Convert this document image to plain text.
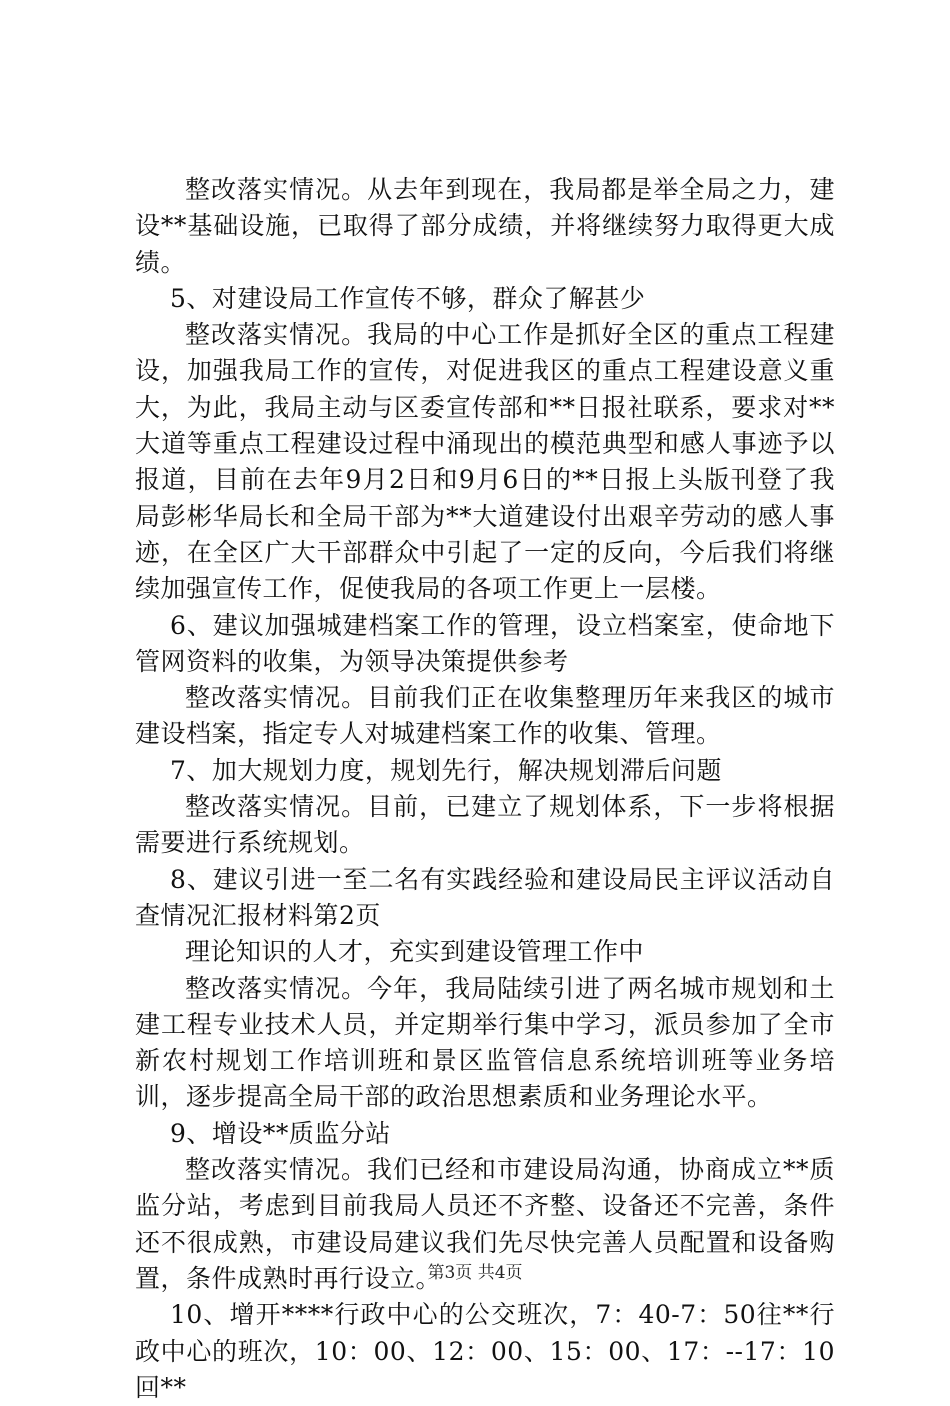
整改落实情况。从去年到现在，我局都是举全局之力，建设**基础设施，已取得了部分成绩，并将继续努力取得更大成绩。

5、对建设局工作宣传不够，群众了解甚少

整改落实情况。我局的中心工作是抓好全区的重点工程建设，加强我局工作的宣传，对促进我区的重点工程建设意义重大，为此，我局主动与区委宣传部和**日报社联系，要求对**大道等重点工程建设过程中涌现出的模范典型和感人事迹予以报道，目前在去年9月2日和9月6日的**日报上头版刊登了我局彭彬华局长和全局干部为**大道建设付出艰辛劳动的感人事迹，在全区广大干部群众中引起了一定的反向，今后我们将继续加强宣传工作，促使我局的各项工作更上一层楼。

6、建议加强城建档案工作的管理，设立档案室，使命地下管网资料的收集，为领导决策提供参考

整改落实情况。目前我们正在收集整理历年来我区的城市建设档案，指定专人对城建档案工作的收集、管理。

7、加大规划力度，规划先行，解决规划滞后问题

整改落实情况。目前，已建立了规划体系，下一步将根据需要进行系统规划。

8、建议引进一至二名有实践经验和建设局民主评议活动自查情况汇报材料第2页

理论知识的人才，充实到建设管理工作中

整改落实情况。今年，我局陆续引进了两名城市规划和土建工程专业技术人员，并定期举行集中学习，派员参加了全市新农村规划工作培训班和景区监管信息系统培训班等业务培训，逐步提高全局干部的政治思想素质和业务理论水平。

9、增设**质监分站

整改落实情况。我们已经和市建设局沟通，协商成立**质监分站，考虑到目前我局人员还不齐整、设备还不完善，条件还不很成熟，市建设局建议我们先尽快完善人员配置和设备购置，条件成熟时再行设立。

10、增开****行政中心的公交班次，7：40-7：50往**行政中心的班次，10：00、12：00、15：00、17：--17：10回**

第3页 共4页
